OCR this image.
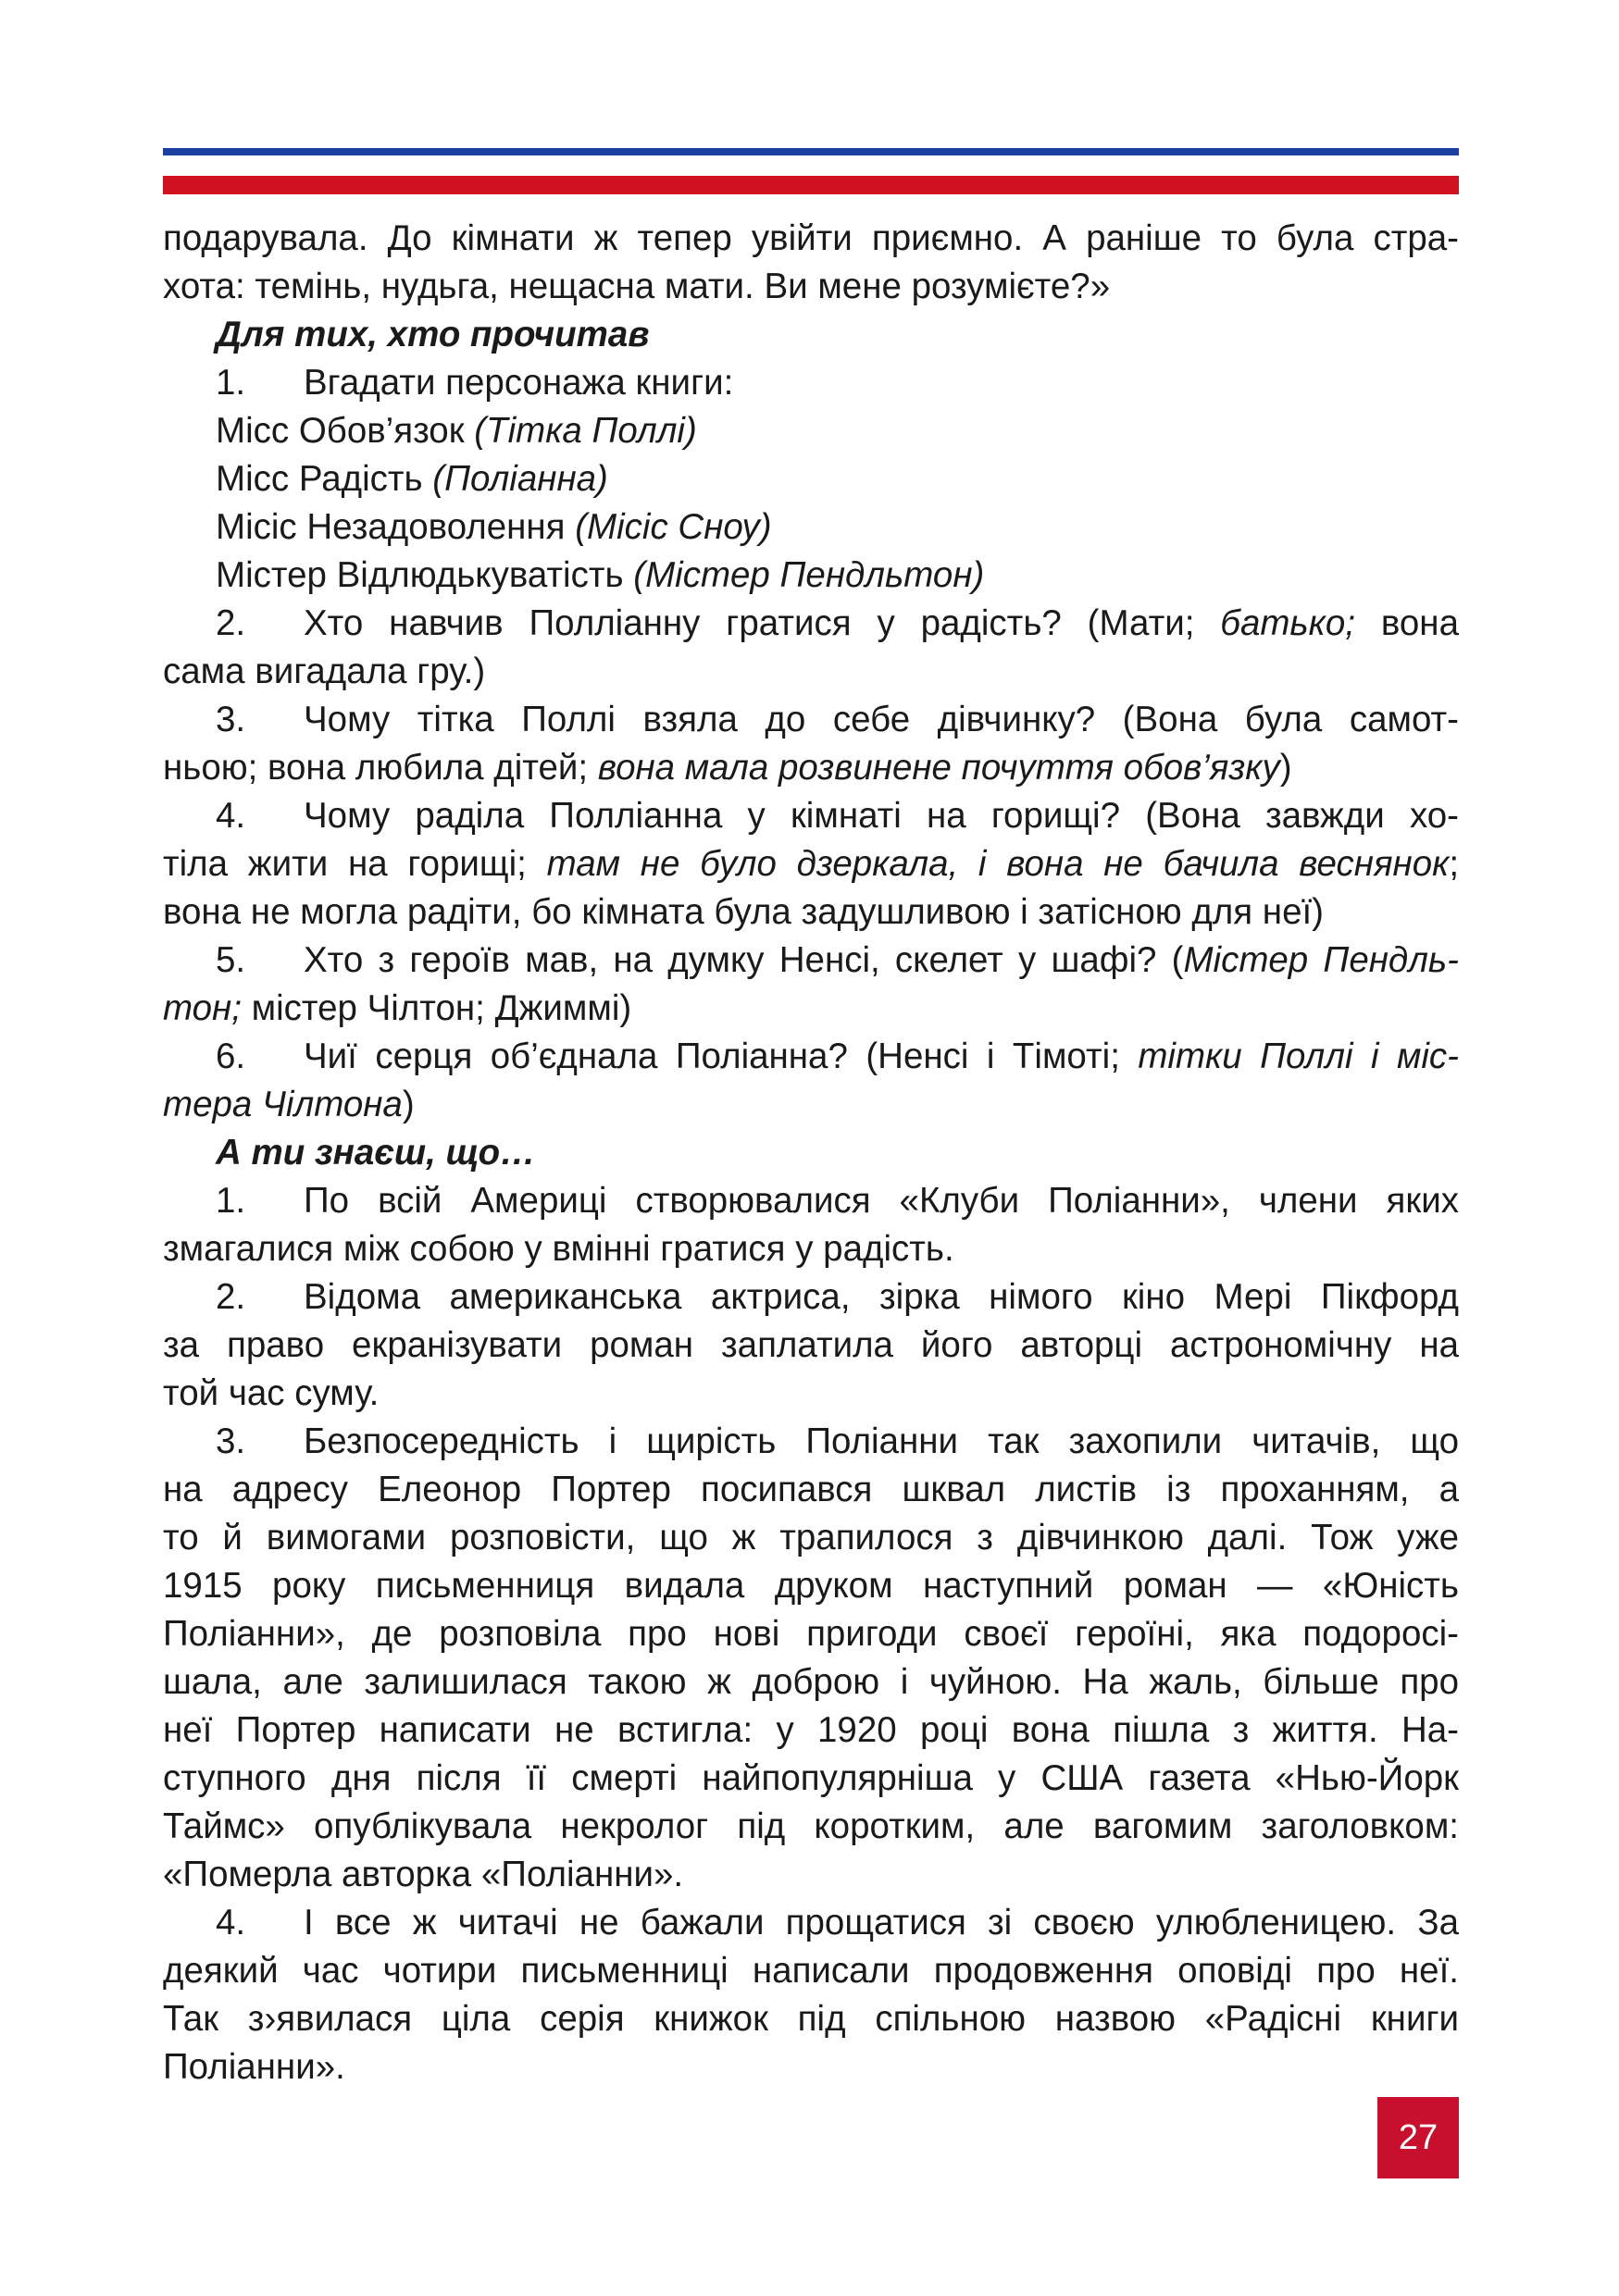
подарувала. До кімнати ж тепер увійти приємно. А раніше то була стра-
хота: темінь, нудьга, нещасна мати. Ви мене розумієте?»

Для тих, хто прочитав

1. Вгадати персонажа книги:
Місс Обов’язок (Тітка Поллі)
Місс Радість (Поліанна)
Місіс Незадоволення (Місіс Сноу)
Містер Відлюдькуватість (Містер Пендльтон)

2. Хто навчив Полліанну гратися у радість? (Мати; батько; вона
сама вигадала гру.)

3. Чому тітка Поллі взяла до себе дівчинку? (Вона була самот-
ньою; вона любила дітей; вона мала розвинене почуття обов’язку)

4. Чому раділа Полліанна у кімнаті на горищі? (Вона завжди хо-
тіла жити на горищі; там не було дзеркала, і вона не бачила веснянок;
вона не могла радіти, бо кімната була задушливою і затісною для неї)

5. Хто з героїв мав, на думку Ненсі, скелет у шафі? (Містер Пендль-
тон; містер Чілтон; Джиммі)

6. Чиї серця об’єднала Поліанна? (Ненсі і Тімоті; тітки Поллі і міс-
тера Чілтона)

А ти знаєш, що…

1. По всій Америці створювалися «Клуби Поліанни», члени яких
змагалися між собою у вмінні гратися у радість.

2. Відома американська актриса, зірка німого кіно Мері Пікфорд
за право екранізувати роман заплатила його авторці астрономічну на
той час суму.

3. Безпосередність і щирість Поліанни так захопили читачів, що
на адресу Елеонор Портер посипався шквал листів із проханням, а
то й вимогами розповісти, що ж трапилося з дівчинкою далі. Тож уже
1915 року письменниця видала друком наступний роман — «Юність
Поліанни», де розповіла про нові пригоди своєї героїні, яка подоросі-
шала, але залишилася такою ж доброю і чуйною. На жаль, більше про
неї Портер написати не встигла: у 1920 році вона пішла з життя. На-
ступного дня після її смерті найпопулярніша у США газета «Нью-Йорк
Таймс» опублікувала некролог під коротким, але вагомим заголовком:
«Померла авторка «Поліанни».

4. І все ж читачі не бажали прощатися зі своєю улюбленицею. За
деякий час чотири письменниці написали продовження оповіді про неї.
Так з›явилася ціла серія книжок під спільною назвою «Радісні книги
Поліанни».

27
